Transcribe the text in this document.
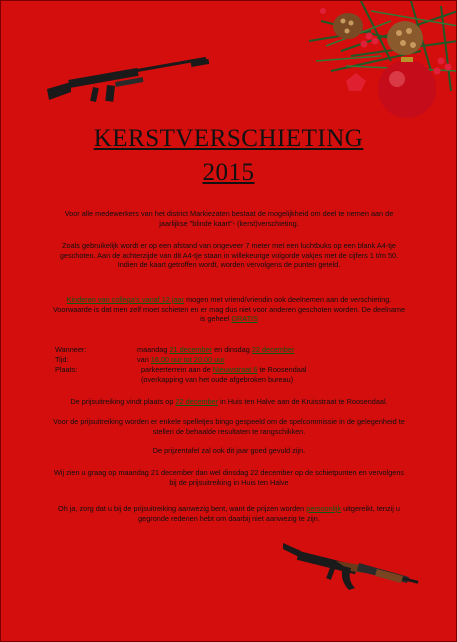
KERSTVERSCHIETING
2015
Voor alle medewerkers van het district Markiezaten bestaat de mogelijkheid om deel te nemen aan de jaarlijkse "blinde kaart"- (kerst)verschieting.
Zoals gebruikelijk wordt er op een afstand van ongeveer 7 meter met een luchtbuks op een blank A4-tje geschoten. Aan de achterzijde van dit A4-tje staan in willekeurige volgorde vakjes met de cijfers 1 t/m 50. Indien de kaart getroffen wordt, worden vervolgens de punten geteld.
Kinderen van collega's vanaf 12 jaar mogen met vriend/vriendin ook deelnemen aan de verschieting. Voorwaarde is dat men zelf moet schieten en er mag dus niet voor anderen geschoten worden. De deelname is geheel GRATIS
Wanneer:	maandag 21 december en dinsdag 22 december
Tijd:	van 16.00 uur tot 20.00 uur
Plaats:	parkeerterrein aan de Nieuwstraat 6 te Roosendaal
(overkapping van het oude afgebroken bureau)
De prijsuitreiking vindt plaats op 22 december in Huis ten Halve aan de Kruisstraat te Roosendaal.
Voor de prijsuitreiking worden er enkele spelletjes bingo gespeeld om de spelcommissie in de gelegenheid te stellen de behaalde resultaten te rangschikken.
De prijzentafel zal ook dit jaar goed gevuld zijn.
Wij zien u graag op maandag 21 december dan wel dinsdag 22 december op de schietpunten en vervolgens bij de prijsuitreiking in Huis ten Halve
Oh ja, zorg dat u bij de prijsuitreiking aanwezig bent, want de prijzen worden persoonlijk uitgereikt, tenzij u gegronde redenen hebt om daarbij niet aanwezig te zijn.
